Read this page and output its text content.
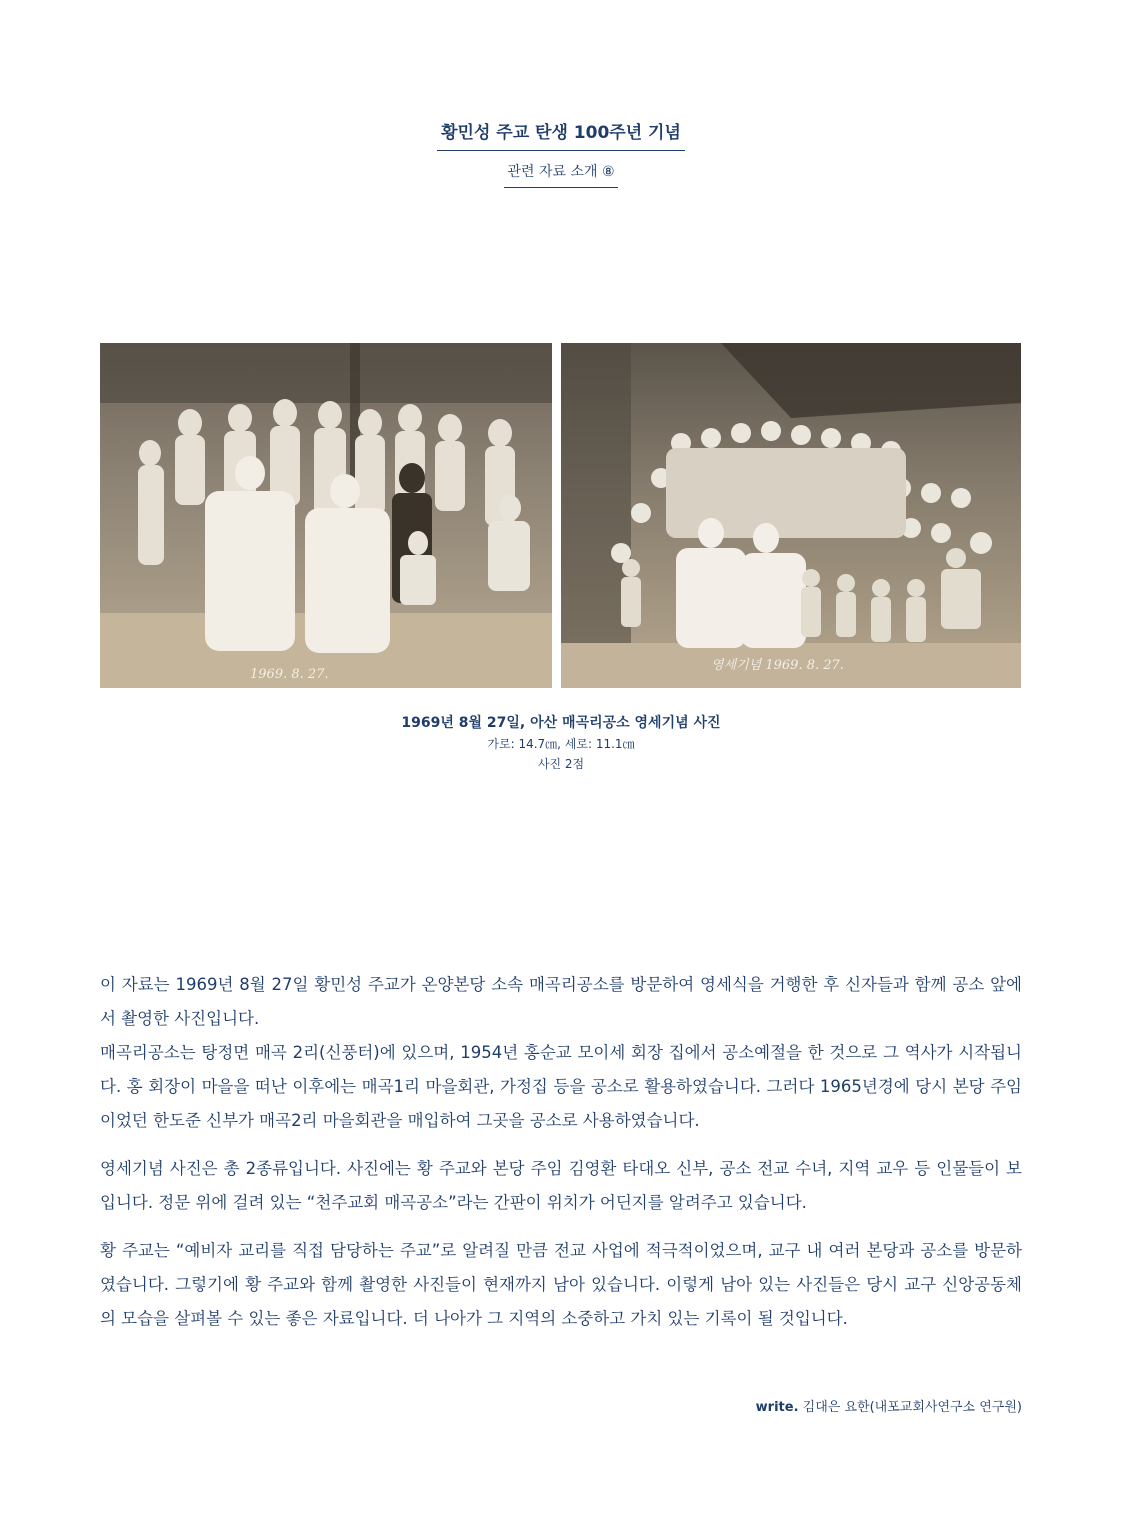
황민성 주교 탄생 100주년 기념
관련 자료 소개 ⑧
1969. 8. 27.
영세기념 1969. 8. 27.
1969년 8월 27일, 아산 매곡리공소 영세기념 사진
가로: 14.7㎝, 세로: 11.1㎝
사진 2점

이 자료는 1969년 8월 27일 황민성 주교가 온양본당 소속 매곡리공소를 방문하여 영세식을 거행한 후 신자들과 함께 공소 앞에서 촬영한 사진입니다.

매곡리공소는 탕정면 매곡 2리(신풍터)에 있으며, 1954년 홍순교 모이세 회장 집에서 공소예절을 한 것으로 그 역사가 시작됩니다. 홍 회장이 마을을 떠난 이후에는 매곡1리 마을회관, 가정집 등을 공소로 활용하였습니다. 그러다 1965년경에 당시 본당 주임이었던 한도준 신부가 매곡2리 마을회관을 매입하여 그곳을 공소로 사용하였습니다.

영세기념 사진은 총 2종류입니다. 사진에는 황 주교와 본당 주임 김영환 타대오 신부, 공소 전교 수녀, 지역 교우 등 인물들이 보입니다. 정문 위에 걸려 있는 “천주교회 매곡공소”라는 간판이 위치가 어딘지를 알려주고 있습니다.

황 주교는 “예비자 교리를 직접 담당하는 주교”로 알려질 만큼 전교 사업에 적극적이었으며, 교구 내 여러 본당과 공소를 방문하였습니다. 그렇기에 황 주교와 함께 촬영한 사진들이 현재까지 남아 있습니다. 이렇게 남아 있는 사진들은 당시 교구 신앙공동체의 모습을 살펴볼 수 있는 좋은 자료입니다. 더 나아가 그 지역의 소중하고 가치 있는 기록이 될 것입니다.

write. 김대은 요한(내포교회사연구소 연구원)
